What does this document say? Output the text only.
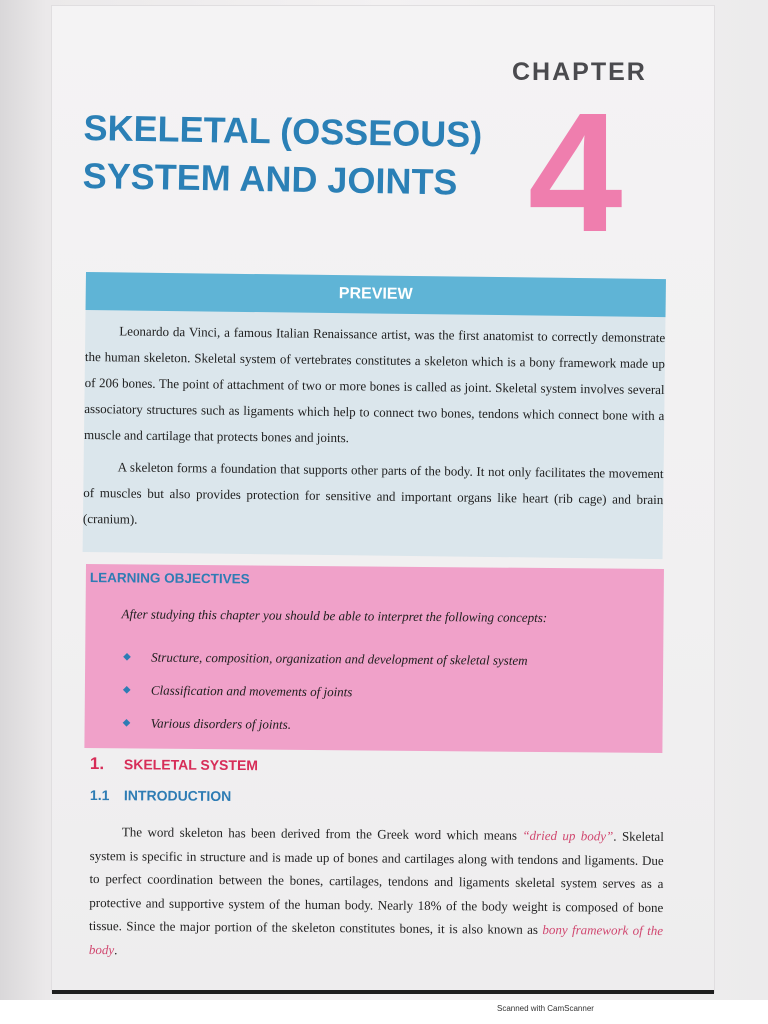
CHAPTER
4
SKELETAL (OSSEOUS)
SYSTEM AND JOINTS
PREVIEW

Leonardo da Vinci, a famous Italian Renaissance artist, was the first anatomist to correctly demonstrate the human skeleton. Skeletal system of vertebrates constitutes a skeleton which is a bony framework made up of 206 bones. The point of attachment of two or more bones is called as joint. Skeletal system involves several associatory structures such as ligaments which help to connect two bones, tendons which connect bone with a muscle and cartilage that protects bones and joints.

A skeleton forms a foundation that supports other parts of the body. It not only facilitates the movement of muscles but also provides protection for sensitive and important organs like heart (rib cage) and brain (cranium).

LEARNING OBJECTIVES
After studying this chapter you should be able to interpret the following concepts:
◆	Structure, composition, organization and development of skeletal system
◆	Classification and movements of joints
◆	Various disorders of joints.
1. SKELETAL SYSTEM
1.1 INTRODUCTION

The word skeleton has been derived from the Greek word which means “dried up body”. Skeletal system is specific in structure and is made up of bones and cartilages along with tendons and ligaments. Due to perfect coordination between the bones, cartilages, tendons and ligaments skeletal system serves as a protective and supportive system of the human body. Nearly 18% of the body weight is composed of bone tissue. Since the major portion of the skeleton constitutes bones, it is also known as bony framework of the body.

Scanned with CamScanner
